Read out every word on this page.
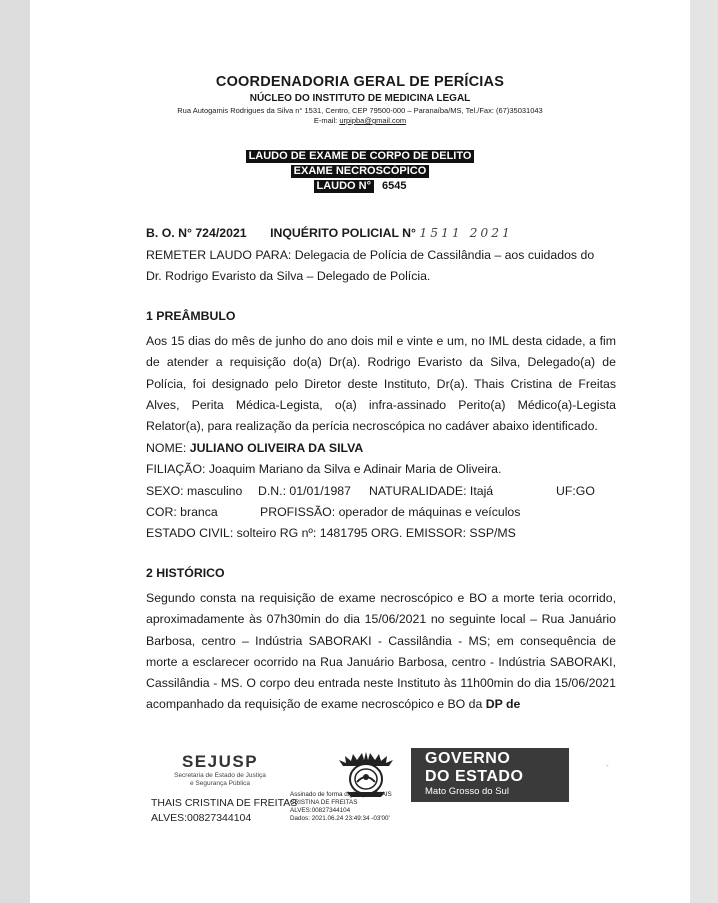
COORDENADORIA GERAL DE PERÍCIAS
NÚCLEO DO INSTITUTO DE MEDICINA LEGAL
Rua Autogamis Rodrigues da Silva n° 1531, Centro, CEP 79500-000 – Paranaíba/MS, Tel./Fax: (67)35031043
E-mail: urpipba@gmail.com
LAUDO DE EXAME DE CORPO DE DELITO
EXAME NECROSCÓPICO
LAUDO N° 6545
B. O. N° 724/2021 INQUÉRITO POLICIAL N° 1511 2021
REMETER LAUDO PARA: Delegacia de Polícia de Cassilândia – aos cuidados do
Dr. Rodrigo Evaristo da Silva – Delegado de Polícia.
1 PREÂMBULO
Aos 15 dias do mês de junho do ano dois mil e vinte e um, no IML desta cidade, a fim de atender a requisição do(a) Dr(a). Rodrigo Evaristo da Silva, Delegado(a) de Polícia, foi designado pelo Diretor deste Instituto, Dr(a). Thais Cristina de Freitas Alves, Perita Médica-Legista, o(a) infra-assinado Perito(a) Médico(a)-Legista Relator(a), para realização da perícia necroscópica no cadáver abaixo identificado.
NOME: JULIANO OLIVEIRA DA SILVA
FILIAÇÃO: Joaquim Mariano da Silva e Adinair Maria de Oliveira.
SEXO: masculino D.N.: 01/01/1987 NATURALIDADE: Itajá	UF:GO
COR: branca	PROFISSÃO: operador de máquinas e veículos
ESTADO CIVIL: solteiro RG nº: 1481795 ORG. EMISSOR: SSP/MS
2 HISTÓRICO
Segundo consta na requisição de exame necroscópico e BO a morte teria ocorrido, aproximadamente às 07h30min do dia 15/06/2021 no seguinte local – Rua Januário Barbosa, centro – Indústria SABORAKI - Cassilândia - MS; em consequência de morte a esclarecer ocorrido na Rua Januário Barbosa, centro - Indústria SABORAKI, Cassilândia - MS. O corpo deu entrada neste Instituto às 11h00min do dia 15/06/2021 acompanhado da requisição de exame necroscópico e BO da DP de
SEJUSP
Secretaria de Estado de Justiça
e Segurança Pública
GOVERNO
DO ESTADO
Mato Grosso do Sul
THAIS CRISTINA DE FREITAS
ALVES:00827344104
Assinado de forma digital por THAIS
CRISTINA DE FREITAS
ALVES:00827344104
Dados: 2021.06.24 23:49:34 -03'00'
-
